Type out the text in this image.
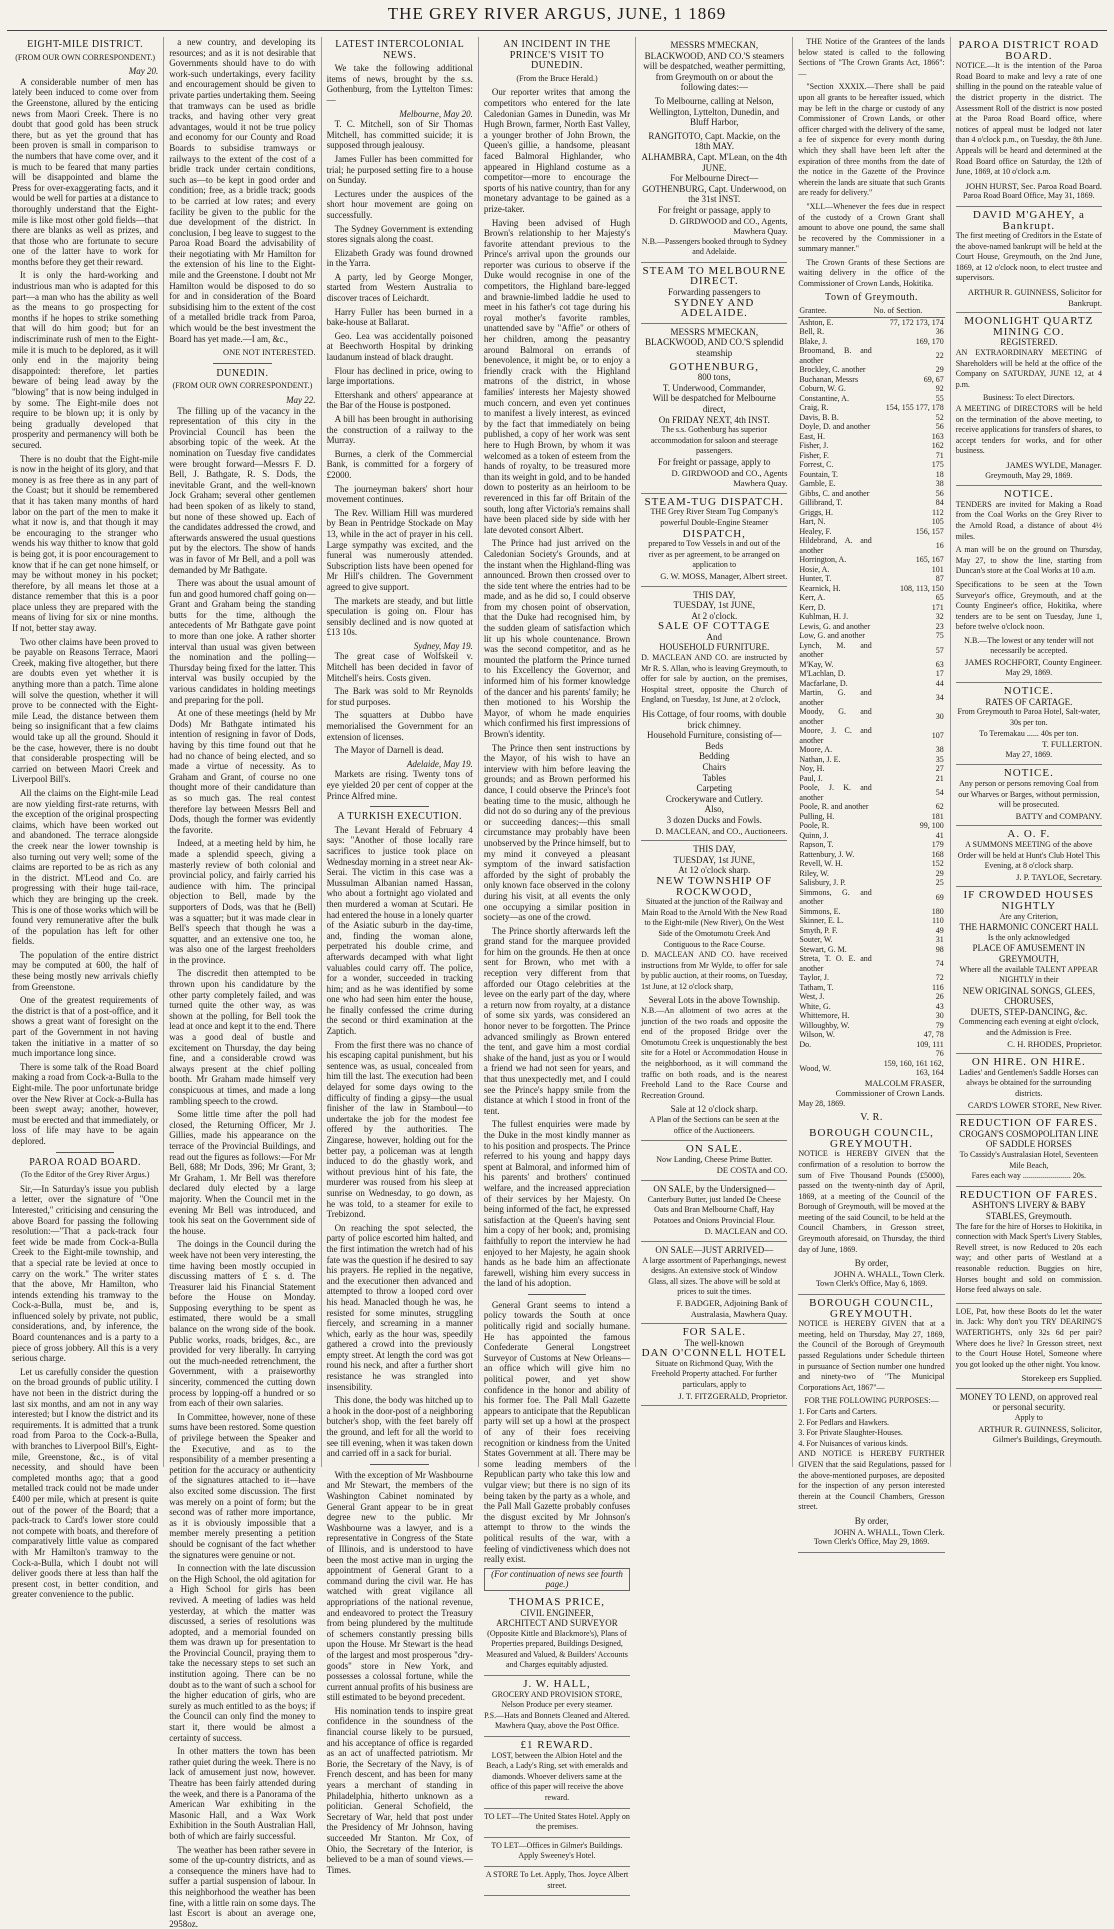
THE GREY RIVER ARGUS, JUNE, 1 1869
EIGHT-MILE DISTRICT.
(FROM OUR OWN CORRESPONDENT.)
May 20.

A considerable number of men has lately been induced to come over from the Greenstone, allured by the enticing news from Maori Creek. There is no doubt that good gold has been struck there, but as yet the ground that has been proven is small in comparison to the numbers that have come over, and it is much to be feared that many parties will be disappointed and blame the Press for over-exaggerating facts, and it would be well for parties at a distance to thoroughly understand that the Eight-mile is like most other gold fields—that there are blanks as well as prizes, and that those who are fortunate to secure one of the latter have to work for months before they get their reward.

It is only the hard-working and industrious man who is adapted for this part—a man who has the ability as well as the means to go prospecting for months if he hopes to strike something that will do him good; but for an indiscriminate rush of men to the Eight-mile it is much to be deplored, as it will only end in the majority being disappointed: therefore, let parties beware of being lead away by the "blowing" that is now being indulged in by some. The Eight-mile does not require to be blown up; it is only by being gradually developed that prosperity and permanency will both be secured.

There is no doubt that the Eight-mile is now in the height of its glory, and that money is as free there as in any part of the Coast; but it should be remembered that it has taken many months of hard labor on the part of the men to make it what it now is, and that though it may be encouraging to the stranger who wends his way thither to know that gold is being got, it is poor encouragement to know that if he can get none himself, or may be without money in his pocket; therefore, by all means let those at a distance remember that this is a poor place unless they are prepared with the means of living for six or nine months. If not, better stay away.

Two other claims have been proved to be payable on Reasons Terrace, Maori Creek, making five altogether, but there are doubts even yet whether it is anything more than a patch. Time alone will solve the question, whether it will prove to be connected with the Eight-mile Lead, the distance between them being so insignificant that a few claims would take up all the ground. Should it be the case, however, there is no doubt that considerable prospecting will be carried on between Maori Creek and Liverpool Bill's.

All the claims on the Eight-mile Lead are now yielding first-rate returns, with the exception of the original prospecting claims, which have been worked out and abandoned. The terrace alongside the creek near the lower township is also turning out very well; some of the claims are reported to be as rich as any in the district. M'Leod and Co. are progressing with their huge tail-race, which they are bringing up the creek. This is one of those works which will be found very remunerative after the bulk of the population has left for other fields.

The population of the entire district may be computed at 600, the half of these being mostly new arrivals chiefly from Greenstone.

One of the greatest requirements of the district is that of a post-office, and it shows a great want of foresight on the part of the Government in not having taken the initiative in a matter of so much importance long since.

There is some talk of the Road Board making a road from Cock-a-Bulla to the Eight-mile. The poor unfortunate bridge over the New River at Cock-a-Bulla has been swept away; another, however, must be erected and that immediately, or loss of life may have to be again deplored.

PAROA ROAD BOARD.
(To the Editor of the Grey River Argus.)

Sir,—In Saturday's issue you publish a letter, over the signature of "One Interested," criticising and censuring the above Board for passing the following resolution:—"That a pack-track four feet wide be made from Cock-a-Bulla Creek to the Eight-mile township, and that a special rate be levied at once to carry on the work." The writer states that the above, Mr Hamilton, who intends extending his tramway to the Cock-a-Bulla, must be, and is, influenced solely by private, not public, considerations, and, by inference, the Board countenances and is a party to a piece of gross jobbery. All this is a very serious charge.

Let us carefully consider the question on the broad grounds of public utility. I have not been in the district during the last six months, and am not in any way interested; but I know the district and its requirements. It is admitted that a trunk road from Paroa to the Cock-a-Bulla, with branches to Liverpool Bill's, Eight-mile, Greenstone, &c., is of vital necessity, and should have been completed months ago; that a good metalled track could not be made under £400 per mile, which at present is quite out of the power of the Board; that a pack-track to Card's lower store could not compete with boats, and therefore of comparatively little value as compared with Mr Hamilton's tramway to the Cock-a-Bulla, which I doubt not will deliver goods there at less than half the present cost, in better condition, and greater convenience to the public.

a new country, and developing its resources; and as it is not desirable that Governments should have to do with work-such undertakings, every facility and encouragement should be given to private parties undertaking them. Seeing that tramways can be used as bridle tracks, and having other very great advantages, would it not be true policy and economy for our County and Road Boards to subsidise tramways or railways to the extent of the cost of a bridle track under certain conditions, such as—to be kept in good order and condition; free, as a bridle track; goods to be carried at low rates; and every facility be given to the public for the due development of the district. In conclusion, I beg leave to suggest to the Paroa Road Board the advisability of their negotiating with Mr Hamilton for the extension of his line to the Eight-mile and the Greenstone. I doubt not Mr Hamilton would be disposed to do so for and in consideration of the Board subsidising him to the extent of the cost of a metalled bridle track from Paroa, which would be the best investment the Board has yet made.—I am, &c.,

ONE NOT INTERESTED.
DUNEDIN.
(FROM OUR OWN CORRESPONDENT.)
May 22.

The filling up of the vacancy in the representation of this city in the Provincial Council has been the absorbing topic of the week. At the nomination on Tuesday five candidates were brought forward—Messrs F. D. Bell, J. Bathgate, R. S. Dods, the inevitable Grant, and the well-known Jock Graham; several other gentlemen had been spoken of as likely to stand, but none of these showed up. Each of the candidates addressed the crowd, and afterwards answered the usual questions put by the electors. The show of hands was in favor of Mr Bell, and a poll was demanded by Mr Bathgate.

There was about the usual amount of fun and good humored chaff going on—Grant and Graham being the standing butts for the time, although the antecedents of Mr Bathgate gave point to more than one joke. A rather shorter interval than usual was given between the nomination and the polling—Thursday being fixed for the latter. This interval was busily occupied by the various candidates in holding meetings and preparing for the poll.

At one of these meetings (held by Mr Dods) Mr Bathgate intimated his intention of resigning in favor of Dods, having by this time found out that he had no chance of being elected, and so made a virtue of necessity. As to Graham and Grant, of course no one thought more of their candidature than as so much gas. The real contest therefore lay between Messrs Bell and Dods, though the former was evidently the favorite.

Indeed, at a meeting held by him, he made a splendid speech, giving a masterly review of both colonial and provincial policy, and fairly carried his audience with him. The principal objection to Bell, made by the supporters of Dods, was that he (Bell) was a squatter; but it was made clear in Bell's speech that though he was a squatter, and an extensive one too, he was also one of the largest freeholders in the province.

The discredit then attempted to be thrown upon his candidature by the other party completely failed, and was turned quite the other way, as was shown at the polling, for Bell took the lead at once and kept it to the end. There was a good deal of bustle and excitement on Thursday, the day being fine, and a considerable crowd was always present at the chief polling booth. Mr Graham made himself very conspicuous at times, and made a long rambling speech to the crowd.

Some little time after the poll had closed, the Returning Officer, Mr J. Gillies, made his appearance on the terrace of the Provincial Buildings, and read out the figures as follows:—For Mr Bell, 688; Mr Dods, 396; Mr Grant, 3; Mr Graham, 1. Mr Bell was therefore declared duly elected by a large majority. When the Council met in the evening Mr Bell was introduced, and took his seat on the Government side of the house.

The doings in the Council during the week have not been very interesting, the time having been mostly occupied in discussing matters of £ s. d. The Treasurer laid his Financial Statement before the House on Monday. Supposing everything to be spent as estimated, there would be a small balance on the wrong side of the book. Public works, roads, bridges, &c., are provided for very liberally. In carrying out the much-needed retrenchment, the Government, with a praiseworthy sincerity, commenced the cutting down process by lopping-off a hundred or so from each of their own salaries.

In Committee, however, none of these sums have been restored. Some question of privilege between the Speaker and the Executive, and as to the responsibility of a member presenting a petition for the accuracy or authenticity of the signatures attached to it—have also excited some discussion. The first was merely on a point of form; but the second was of rather more importance, as it is obviously impossible that a member merely presenting a petition should be cognisant of the fact whether the signatures were genuine or not.

In connection with the late discussion on the High School, the old agitation for a High School for girls has been revived. A meeting of ladies was held yesterday, at which the matter was discussed, a series of resolutions was adopted, and a memorial founded on them was drawn up for presentation to the Provincial Council, praying them to take the necessary steps to set such an institution agoing. There can be no doubt as to the want of such a school for the higher education of girls, who are surely as much entitled to as the boys; if the Council can only find the money to start it, there would be almost a certainty of success.

In other matters the town has been rather quiet during the week. There is no lack of amusement just now, however. Theatre has been fairly attended during the week, and there is a Panorama of the American War exhibiting in the Masonic Hall, and a Wax Work Exhibition in the South Australian Hall, both of which are fairly successful.

The weather has been rather severe in some of the up-country districts, and as a consequence the miners have had to suffer a partial suspension of labour. In this neighborhood the weather has been fine, with a little rain on some days. The last Escort is about an average one, 2958oz.

LATEST INTERCOLONIAL NEWS.

We take the following additional items of news, brought by the s.s. Gothenburg, from the Lyttelton Times:—

Melbourne, May 20.

T. C. Mitchell, son of Sir Thomas Mitchell, has committed suicide; it is supposed through jealousy.

James Fuller has been committed for trial; he purposed setting fire to a house on Sunday.

Lectures under the auspices of the short hour movement are going on successfully.

The Sydney Government is extending stores signals along the coast.

Elizabeth Grady was found drowned in the Yarra.

A party, led by George Monger, started from Western Australia to discover traces of Leichardt.

Harry Fuller has been burned in a bake-house at Ballarat.

Geo. Lea was accidentally poisoned at Beechworth Hospital by drinking laudanum instead of black draught.

Flour has declined in price, owing to large importations.

Ettershank and others' appearance at the Bar of the House is postponed.

A bill has been brought in authorising the construction of a railway to the Murray.

Burnes, a clerk of the Commercial Bank, is committed for a forgery of £2000.

The journeyman bakers' short hour movement continues.

The Rev. William Hill was murdered by Bean in Pentridge Stockade on May 13, while in the act of prayer in his cell. Large sympathy was excited, and the funeral was numerously attended. Subscription lists have been opened for Mr Hill's children. The Government agreed to give support.

The markets are steady, and but little speculation is going on. Flour has sensibly declined and is now quoted at £13 10s.

Sydney, May 19.

The great case of Wolfskeil v. Mitchell has been decided in favor of Mitchell's heirs. Costs given.

The Bark was sold to Mr Reynolds for stud purposes.

The squatters at Dubbo have memorialised the Government for an extension of licenses.

The Mayor of Darnell is dead.

Adelaide, May 19.

Markets are rising. Twenty tons of eye yielded 20 per cent of copper at the Prince Alfred mine.

A TURKISH EXECUTION.

The Levant Herald of February 4 says: "Another of those locally rare sacrifices to justice took place on Wednesday morning in a street near Ak-Serai. The victim in this case was a Mussulman Albanian named Hassan, who about a fortnight ago violated and then murdered a woman at Scutari. He had entered the house in a lonely quarter of the Asiatic suburb in the day-time, and, finding the woman alone, perpetrated his double crime, and afterwards decamped with what light valuables could carry off. The police, for a wonder, succeeded in tracking him; and as he was identified by some one who had seen him enter the house, he finally confessed the crime during the second or third examination at the Zaptich.

From the first there was no chance of his escaping capital punishment, but his sentence was, as usual, concealed from him till the last. The execution had been delayed for some days owing to the difficulty of finding a gipsy—the usual finisher of the law in Stamboul—to undertake the job for the modest fee offered by the authorities. The Zingarese, however, holding out for the better pay, a policeman was at length induced to do the ghastly work, and without previous hint of his fate, the murderer was roused from his sleep at sunrise on Wednesday, to go down, as he was told, to a steamer for exile to Trebizond.

On reaching the spot selected, the party of police escorted him halted, and the first intimation the wretch had of his fate was the question if he desired to say his prayers. He replied in the negative, and the executioner then advanced and attempted to throw a looped cord over his head. Manacled though he was, he resisted for some minutes, struggling fiercely, and screaming in a manner which, early as the hour was, speedily gathered a crowd into the previously empty street. At length the cord was got round his neck, and after a further short resistance he was strangled into insensibility.

This done, the body was hitched up to a hook in the door-post of a neighboring butcher's shop, with the feet barely off the ground, and left for all the world to see till evening, when it was taken down and carried off in a sack for burial.

With the exception of Mr Washbourne and Mr Stewart, the members of the Washington Cabinet nominated by General Grant appear to be in great degree new to the public. Mr Washbourne was a lawyer, and is a representative in Congress of the State of Illinois, and is understood to have been the most active man in urging the appointment of General Grant to a command during the civil war. He has watched with great vigilance all appropriations of the national revenue, and endeavored to protect the Treasury from being plundered by the multitude of schemers constantly pressing bills upon the House. Mr Stewart is the head of the largest and most prosperous "dry-goods" store in New York, and possesses a colossal fortune, while the current annual profits of his business are still estimated to be beyond precedent.

His nomination tends to inspire great confidence in the soundness of the financial course likely to be pursued, and his acceptance of office is regarded as an act of unaffected patriotism. Mr Borie, the Secretary of the Navy, is of French descent, and has been for many years a merchant of standing in Philadelphia, hitherto unknown as a politician. General Schofield, the Secretary of War, held that post under the Presidency of Mr Johnson, having succeeded Mr Stanton. Mr Cox, of Ohio, the Secretary of the Interior, is believed to be a man of sound views.—Times.

AN INCIDENT IN THE PRINCE'S VISIT TO DUNEDIN.
(From the Bruce Herald.)

Our reporter writes that among the competitors who entered for the late Caledonian Games in Dunedin, was Mr Hugh Brown, farmer, North East Valley, a younger brother of John Brown, the Queen's gillie, a handsome, pleasant faced Balmoral Highlander, who appeared in Highland costume as a competitor—more to encourage the sports of his native country, than for any monetary advantage to be gained as a prize-taker.

Having been advised of Hugh Brown's relationship to her Majesty's favorite attendant previous to the Prince's arrival upon the grounds our reporter was curious to observe if the Duke would recognise in one of the competitors, the Highland bare-legged and brawnie-limbed laddie he used to meet in his father's cot tage during his royal mother's favorite rambles, unattended save by "Affie" or others of her children, among the peasantry around Balmoral on errands of benevolence, it might be, or to enjoy a friendly crack with the Highland matrons of the district, in whose families' interests her Majesty showed much concern, and even yet continues to manifest a lively interest, as evinced by the fact that immediately on being published, a copy of her work was sent here to Hugh Brown, by whom it was welcomed as a token of esteem from the hands of royalty, to be treasured more than its weight in gold, and to be handed down to posterity as an heirloom to be reverenced in this far off Britain of the south, long after Victoria's remains shall have been placed side by side with her late devoted consort Albert.

The Prince had just arrived on the Caledonian Society's Grounds, and at the instant when the Highland-fling was announced. Brown then crossed over to the side tent where the entries had to be made, and as he did so, I could observe from my chosen point of observation, that the Duke had recognised him, by the sudden gleam of satisfaction which lit up his whole countenance. Brown was the second competitor, and as he mounted the platform the Prince turned to his Excellency the Governor, and informed him of his former knowledge of the dancer and his parents' family; he then motioned to his Worship the Mayor, of whom he made enquiries which confirmed his first impressions of Brown's identity.

The Prince then sent instructions by the Mayor, of his wish to have an interview with him before leaving the grounds; and as Brown performed his dance, I could observe the Prince's foot beating time to the music, although he did not do so during any of the previous or succeeding dances;—this small circumstance may probably have been unobserved by the Prince himself, but to my mind it conveyed a pleasant symptom of the inward satisfaction afforded by the sight of probably the only known face observed in the colony during his visit, at all events the only one occupying a similar position in society—as one of the crowd.

The Prince shortly afterwards left the grand stand for the marquee provided for him on the grounds. He then at once sent for Brown, who met with a reception very different from that afforded our Otago celebrities at the levee on the early part of the day, where a return now from royalty, at a distance of some six yards, was considered an honor never to be forgotten. The Prince advanced smilingly as Brown entered the tent, and gave him a most cordial shake of the hand, just as you or I would a friend we had not seen for years, and that thus unexpectedly met, and I could see the Prince's happy smile from the distance at which I stood in front of the tent.

The fullest enquiries were made by the Duke in the most kindly manner as to his position and prospects. The Prince referred to his young and happy days spent at Balmoral, and informed him of his parents' and brothers' continued welfare, and the increased appreciation of their services by her Majesty. On being informed of the fact, he expressed satisfaction at the Queen's having sent him a copy of her book; and, promising faithfully to report the interview he had enjoyed to her Majesty, he again shook hands as he bade him an affectionate farewell, wishing him every success in the land of his adoption.

General Grant seems to intend a policy towards the South at once politically rigid and socially humane. He has appointed the famous Confederate General Longstreet Surveyor of Customs at New Orleans—an office which will give him no political power, and yet show confidence in the honor and ability of his former foe. The Pall Mall Gazette appears to anticipate that the Republican party will set up a howl at the prospect of any of their foes receiving recognition or kindness from the United States Government at all. There may be some leading members of the Republican party who take this low and vulgar view; but there is no sign of its being taken by the party as a whole, and the Pall Mall Gazette probably confuses the disgust excited by Mr Johnson's attempt to throw to the winds the political results of the war, with a feeling of vindictiveness which does not really exist.

(For continuation of news see fourth page.)
THOMAS PRICE,
CIVIL ENGINEER,
ARCHITECT AND SURVEYOR
(Opposite Kittle and Blackmore's), Plans of Properties prepared, Buildings Designed, Measured and Valued, & Builders' Accounts and Charges equitably adjusted.
J. W. HALL,
GROCERY AND PROVISION STORE, Nelson Produce per every steamer.
P.S.—Hats and Bonnets Cleaned and Altered.
Mawhera Quay, above the Post Office.
£1 REWARD.
LOST, between the Albion Hotel and the Beach, a Lady's Ring, set with emeralds and diamonds. Whoever delivers same at the office of this paper will receive the above reward.
TO LET—The United States Hotel. Apply on the premises.
TO LET—Offices in Gilmer's Buildings. Apply Sweeney's Hotel.
A STORE To Let. Apply, Thos. Joyce Albert street.

MESSRS M'MECKAN, BLACKWOOD, AND CO.'S steamers will be despatched, weather permitting, from Greymouth on or about the following dates:—

To Melbourne, calling at Nelson, Wellington, Lyttelton, Dunedin, and Bluff Harbor,

RANGITOTO, Capt. Mackie, on the 18th MAY.
ALHAMBRA, Capt. M'Lean, on the 4th JUNE.
For Melbourne Direct—
GOTHENBURG, Capt. Underwood, on the 31st INST.
For freight or passage, apply to
D. GIRDWOOD and CO., Agents, Mawhera Quay.
N.B.—Passengers booked through to Sydney and Adelaide.
STEAM TO MELBOURNE DIRECT.
Forwarding passengers to
SYDNEY AND ADELAIDE.

MESSRS M'MECKAN, BLACKWOOD, AND CO.'S splendid steamship

GOTHENBURG,
800 tons,
T. Underwood, Commander,
Will be despatched for Melbourne direct,
On FRIDAY NEXT, 4th INST.
The s.s. Gothenburg has superior accommodation for saloon and steerage passengers.
For freight or passage, apply to
D. GIRDWOOD and CO., Agents Mawhera Quay.
STEAM-TUG DISPATCH.
THE Grey River Steam Tug Company's powerful Double-Engine Steamer
DISPATCH,
prepared to Tow Vessels in and out of the river as per agreement, to be arranged on application to
G. W. MOSS, Manager, Albert street.
THIS DAY,
TUESDAY, 1st JUNE,
At 2 o'clock.
SALE OF COTTAGE
And
HOUSEHOLD FURNITURE.

D. MACLEAN AND CO. are instructed by Mr R. S. Allan, who is leaving Greymouth, to offer for sale by auction, on the premises, Hospital street, opposite the Church of England, on Tuesday, 1st June, at 2 o'clock,

His Cottage, of four rooms, with double brick chimney.
Household Furniture, consisting of—
Beds
Bedding
Chairs
Tables
Carpeting
Crockeryware and Cutlery.
Also,
3 dozen Ducks and Fowls.
D. MACLEAN, and CO., Auctioneers.
THIS DAY,
TUESDAY, 1st JUNE,
At 12 o'clock sharp.
NEW TOWNSHIP OF ROCKWOOD,
Situated at the junction of the Railway and Main Road to the Arnold With the New Road to the Eight-mile (New River), On the West Side of the Omotumotu Creek And Contiguous to the Race Course.

D. MACLEAN AND CO. have received instructions from Mr Wylde, to offer for sale by public auction, at their rooms, on Tuesday, 1st June, at 12 o'clock sharp,

Several Lots in the above Township.

N.B.—An allotment of two acres at the junction of the two roads and opposite the end of the proposed Bridge over the Omotumotu Creek is unquestionably the best site for a Hotel or Accommodation House in the neighborhood, as it will command the traffic on both roads, and is the nearest Freehold Land to the Race Course and Recreation Ground.

Sale at 12 o'clock sharp.
A Plan of the Sections can be seen at the office of the Auctioneers.
ON SALE.
Now Landing, Cheese Prime Butter.
DE COSTA and CO.
ON SALE, by the Undersigned—
Canterbury Butter, just landed De Cheese Oats and Bran Melbourne Chaff, Hay Potatoes and Onions Provincial Flour.
D. MACLEAN and CO.
ON SALE—JUST ARRIVED—
A large assortment of Paperhangings, newest designs. An extensive stock of Window Glass, all sizes. The above will be sold at prices to suit the times.
F. BADGER, Adjoining Bank of Australasia, Mawhera Quay.
FOR SALE.
The well-known
DAN O'CONNELL HOTEL
Situate on Richmond Quay, With the Freehold Property attached. For further particulars, apply to
J. T. FITZGERALD, Proprietor.

THE Notice of the Grantees of the lands below stated is called to the following Sections of "The Crown Grants Act, 1866":—

"Section XXXIX.—There shall be paid upon all grants to be hereafter issued, which may be left in the charge or custody of any Commissioner of Crown Lands, or other officer charged with the delivery of the same, a fee of sixpence for every month during which they shall have been left after the expiration of three months from the date of the notice in the Gazette of the Province wherein the lands are situate that such Grants are ready for delivery."

"XLI.—Whenever the fees due in respect of the custody of a Crown Grant shall amount to above one pound, the same shall be recovered by the Commissioner in a summary manner."

The Crown Grants of these Sections are waiting delivery in the office of the Commissioner of Crown Lands, Hokitika.

Town of Greymouth.
Grantee.	No. of Section.
Ashton, E.	77, 172 173, 174
Bell, R.	36
Blake, J.	169, 170
Broomand, B. and another	22
Brockley, C. another	29
Buchanan, Messrs	69, 67
Coburn, W. G.	92
Constantine, A.	55
Craig, R.	154, 155 177, 178
Davis, B. B.	52
Doyle, D. and another	56
East, H.	163
Fisher, J.	162
Fisher, F.	71
Forrest, C.	175
Fountain, T.	18
Gamble, E.	38
Gibbs, C. and another	56
Gillibrand, T.	84
Griggs, H.	112
Hart, N.	105
Healey, F.	156, 157
Hildebrand, A. and another	16
Horrington, A.	165, 167
Hosie, A.	101
Hunter, T.	87
Kearnick, H.	108, 113, 150
Kerr, A.	65
Kerr, D.	171
Kuhlman, H. J.	32
Lewis, G. and another	23
Low, G. and another	75
Lynch, M. and another	57
M'Kay, W.	63
M'Lachlan, D.	17
Macfarlane, D.	44
Martin, G. and another	34
Moody, G. and another	30
Moore, J. C. and another	107
Moore, A.	38
Nathan, J. E.	35
Noy, H.	27
Paul, J.	21
Poole, J. K. and another	54
Poole, R. and another	62
Pulling, H.	181
Poole, R.	99, 100
Quinn, J.	41
Rapson, T.	179
Rattenbury, J. W.	168
Revell, W. H.	152
Riley, W.	29
Salisbury, J. P.	25
Simmons, G. and another	69
Simmons, E.	180
Skinner, E. L.	110
Smyth, P. F.	49
Souter, W.	31
Stewart, G. M.	98
Streta, T. O. E. and another	74
Taylor, J.	72
Tatham, T.	116
West, J.	26
White, G.	43
Whittemore, H.	30
Willoughby, W.	79
Wilson, W.	47, 78
Do.	109, 111
	76
Wood, W.	159, 160, 161 162, 163, 164
MALCOLM FRASER,
Commissioner of Crown Lands.
May 28, 1869.
V. R.
BOROUGH COUNCIL, GREYMOUTH.

NOTICE is HEREBY GIVEN that the confirmation of a resolution to borrow the sum of Five Thousand Pounds (£5000), passed on the twenty-ninth day of April, 1869, at a meeting of the Council of the Borough of Greymouth, will be moved at the meeting of the said Council, to be held at the Council Chambers, in Gresson street, Greymouth aforesaid, on Thursday, the third day of June, 1869.

By order,
JOHN A. WHALL, Town Clerk.
Town Clerk's Office, May 6, 1869.
BOROUGH COUNCIL, GREYMOUTH.

NOTICE is HEREBY GIVEN that at a meeting, held on Thursday, May 27, 1869, the Council of the Borough of Greymouth passed Regulations under Schedule thirteen in pursuance of Section number one hundred and ninety-two of "The Municipal Corporations Act, 1867"—

FOR THE FOLLOWING PURPOSES:—
1. For Carts and Carters.
2. For Pedlars and Hawkers.
3. For Private Slaughter-Houses.
4. For Nuisances of various kinds.

AND NOTICE is HEREBY FURTHER GIVEN that the said Regulations, passed for the above-mentioned purposes, are deposited for the inspection of any person interested therein at the Council Chambers, Gresson street.

By order,
JOHN A. WHALL, Town Clerk.
Town Clerk's Office, May 29, 1869.
PAROA DISTRICT ROAD BOARD.

NOTICE.—It is the intention of the Paroa Road Board to make and levy a rate of one shilling in the pound on the rateable value of the district property in the district. The Assessment Roll of the district is now posted at the Paroa Road Board office, where notices of appeal must be lodged not later than 4 o'clock p.m., on Tuesday, the 8th June. Appeals will be heard and determined at the Road Board office on Saturday, the 12th of June, 1869, at 10 o'clock a.m.

JOHN HURST, Sec. Paroa Road Board.
Paroa Road Board Office, May 31, 1869.
DAVID M'GAHEY, a Bankrupt.

The first meeting of Creditors in the Estate of the above-named bankrupt will be held at the Court House, Greymouth, on the 2nd June, 1869, at 12 o'clock noon, to elect trustee and supervisors.

ARTHUR R. GUINNESS, Solicitor for Bankrupt.
MOONLIGHT QUARTZ MINING CO.
REGISTERED.

AN EXTRAORDINARY MEETING of Shareholders will be held at the office of the Company on SATURDAY, JUNE 12, at 4 p.m.

Business: To elect Directors.

A MEETING of DIRECTORS will be held on the termination of the above meeting, to receive applications for transfers of shares, to accept tenders for works, and for other business.

JAMES WYLDE, Manager.
Greymouth, May 29, 1869.
NOTICE.

TENDERS are invited for Making a Road from the Coal Works on the Grey River to the Arnold Road, a distance of about 4½ miles.

A man will be on the ground on Thursday, May 27, to show the line, starting from Duncan's store at the Coal Works at 10 a.m.

Specifications to be seen at the Town Surveyor's office, Greymouth, and at the County Engineer's office, Hokitika, where tenders are to be sent on Tuesday, June 1, before twelve o'clock noon.

N.B.—The lowest or any tender will not necessarily be accepted.
JAMES ROCHFORT, County Engineer.
May 29, 1869.
NOTICE.
RATES OF CARTAGE.
From Greymouth to Paroa Hotel, Salt-water, 30s per ton.
To Teremakau ...... 40s per ton.
T. FULLERTON.
May 27, 1869.
NOTICE.
Any person or persons removing Coal from our Wharves or Barges, without permission, will be prosecuted.
BATTY and COMPANY.
A. O. F.
A SUMMONS MEETING of the above Order will be held at Hunt's Club Hotel This Evening, at 8 o'clock sharp.
J. P. TAYLOE, Secretary.
IF CROWDED HOUSES NIGHTLY
Are any Criterion,
THE HARMONIC CONCERT HALL
Is the only acknowledged
PLACE OF AMUSEMENT IN GREYMOUTH,
Where all the available TALENT APPEAR NIGHTLY in their
NEW ORIGINAL SONGS, GLEES, CHORUSES,
DUETS, STEP-DANCING, &c.
Commencing each evening at eight o'clock, and the Admission is Free.
C. H. RHODES, Proprietor.
ON HIRE. ON HIRE.
Ladies' and Gentlemen's Saddle Horses can always be obtained for the surrounding districts.
CARD'S LOWER STORE, New River.
REDUCTION OF FARES.
CROGAN'S COSMOPOLITAN LINE OF SADDLE HORSES
To Cassidy's Australasian Hotel, Seventeen Mile Beach,
Fares each way ........................ 20s.
REDUCTION OF FARES.
ASHTON'S LIVERY & BABY STABLES, Greymouth.

The fare for the hire of Horses to Hokitika, in connection with Mack Spert's Livery Stables, Revell street, is now Reduced to 20s each way; and other parts of Westland at a reasonable reduction. Buggies on hire, Horses bought and sold on commission. Horse feed always on sale.

LOE, Pat, how these Boots do let the water in. Jack: Why don't you TRY DEARING'S WATERTIGHTS, only 32s 6d per pair? Where does he live? In Gresson street, next to the Court House Hotel, Someone where you got looked up the other night. You know.

Storekeep ers Supplied.
MONEY TO LEND, on approved real or personal security.
Apply to
ARTHUR R. GUINNESS, Solicitor, Gilmer's Buildings, Greymouth.
